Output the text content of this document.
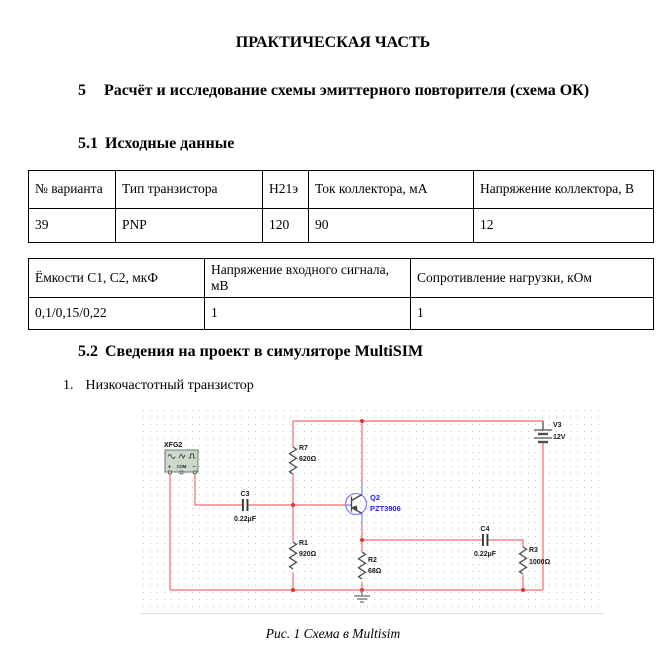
ПРАКТИЧЕСКАЯ ЧАСТЬ
5	Расчёт и исследование схемы эмиттерного повторителя (схема ОК)
5.1 Исходные данные
№ варианта	Тип транзистора	Н21э	Ток коллектора, мА	Напряжение коллектора, В
39	PNP	120	90	12
Ёмкости С1, С2, мкФ	Напряжение входного сигнала, мВ	Сопротивление нагрузки, кОм
0,1/0,15/0,22	1	1
5.2 Сведения на проект в симуляторе MultiSIM
1. Низкочастотный транзистор
+ COM −
XFG2	R7
620Ω
R1
920Ω
R2
68Ω
R3
1000Ω
C3
0.22µF
C4
0.22µF
Q2
PZT3906
V3
12V
Рис. 1 Схема в Multisim
